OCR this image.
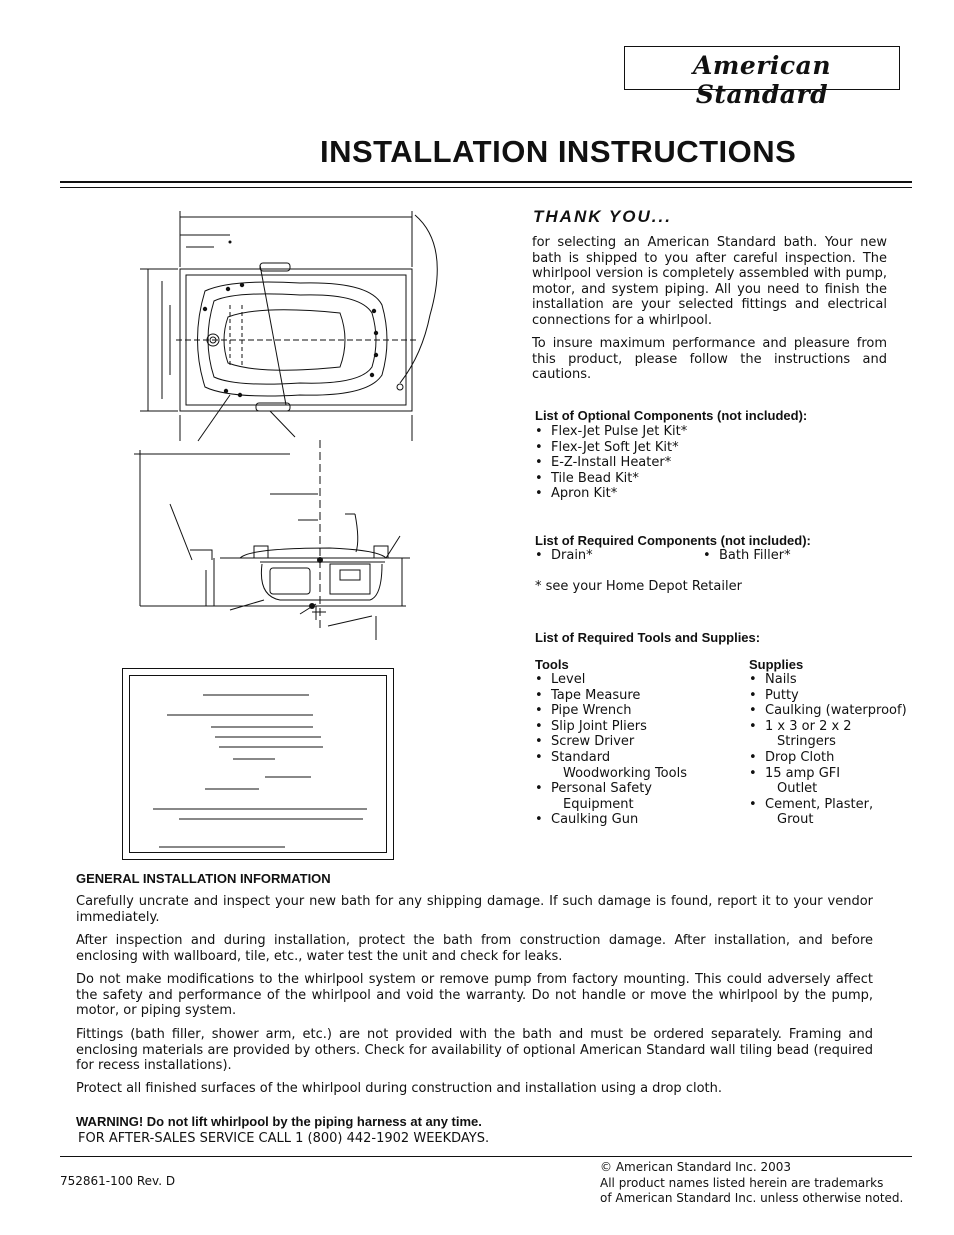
American Standard
INSTALLATION INSTRUCTIONS
THANK YOU...
for selecting an American Standard bath. Your new bath is shipped to you after careful inspection. The whirlpool version is completely assembled with pump, motor, and system piping. All you need to finish the installation are your selected fittings and electrical connections for a whirlpool.
To insure maximum performance and pleasure from this product, please follow the instructions and cautions.
List of Optional Components (not included):
• Flex-Jet Pulse Jet Kit*
• Flex-Jet Soft Jet Kit*
• E-Z-Install Heater*
• Tile Bead Kit*
• Apron Kit*
List of Required Components (not included):
• Drain*	• Bath Filler*
* see your Home Depot Retailer
List of Required Tools and Supplies:
Tools
• Level
• Tape Measure
• Pipe Wrench
• Slip Joint Pliers
• Screw Driver
• Standard
Woodworking Tools
• Personal Safety
Equipment
• Caulking Gun
Supplies
• Nails
• Putty
• Caulking (waterproof)
• 1 x 3 or 2 x 2
Stringers
• Drop Cloth
• 15 amp GFI
Outlet
• Cement, Plaster,
Grout
GENERAL INSTALLATION INFORMATION
Carefully uncrate and inspect your new bath for any shipping damage. If such damage is found, report it to your vendor immediately.
After inspection and during installation, protect the bath from construction damage. After installation, and before enclosing with wallboard, tile, etc., water test the unit and check for leaks.
Do not make modifications to the whirlpool system or remove pump from factory mounting. This could adversely affect the safety and performance of the whirlpool and void the warranty. Do not handle or move the whirlpool by the pump, motor, or piping system.
Fittings (bath filler, shower arm, etc.) are not provided with the bath and must be ordered separately. Framing and enclosing materials are provided by others. Check for availability of optional American Standard wall tiling bead (required for recess installations).
Protect all finished surfaces of the whirlpool during construction and installation using a drop cloth.
WARNING! Do not lift whirlpool by the piping harness at any time.
FOR AFTER-SALES SERVICE CALL 1 (800) 442-1902 WEEKDAYS.
752861-100 Rev. D
© American Standard Inc. 2003
All product names listed herein are trademarks
of American Standard Inc. unless otherwise noted.
